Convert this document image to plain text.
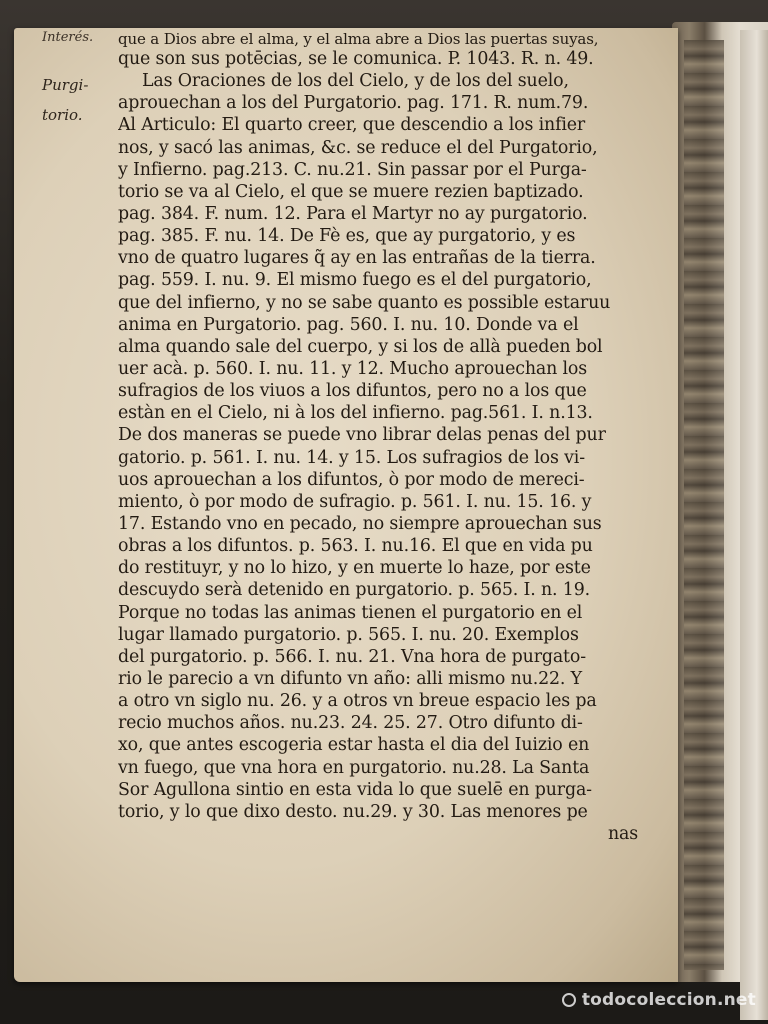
Interés.
Purgi-
torio.
que a Dios abre el alma, y el alma abre a Dios las puertas suyas,
que son sus potēcias, se le comunica. P. 1043. R. n. 49.
Las Oraciones de los del Cielo, y de los del suelo,
aprouechan a los del Purgatorio. pag. 171. R. num.79.
Al Articulo: El quarto creer, que descendio a los infier
nos, y sacó las animas, &c. se reduce el del Purgatorio,
y Infierno. pag.213. C. nu.21. Sin passar por el Purga-
torio se va al Cielo, el que se muere rezien baptizado.
pag. 384. F. num. 12. Para el Martyr no ay purgatorio.
pag. 385. F. nu. 14. De Fè es, que ay purgatorio, y es
vno de quatro lugares q̃ ay en las entrañas de la tierra.
pag. 559. I. nu. 9. El mismo fuego es el del purgatorio,
que del infierno, y no se sabe quanto es possible estaruu
anima en Purgatorio. pag. 560. I. nu. 10. Donde va el
alma quando sale del cuerpo, y si los de allà pueden bol
uer acà. p. 560. I. nu. 11. y 12. Mucho aprouechan los
sufragios de los viuos a los difuntos, pero no a los que
estàn en el Cielo, ni à los del infierno. pag.561. I. n.13.
De dos maneras se puede vno librar delas penas del pur
gatorio. p. 561. I. nu. 14. y 15. Los sufragios de los vi-
uos aprouechan a los difuntos, ò por modo de mereci-
miento, ò por modo de sufragio. p. 561. I. nu. 15. 16. y
17. Estando vno en pecado, no siempre aprouechan sus
obras a los difuntos. p. 563. I. nu.16. El que en vida pu
do restituyr, y no lo hizo, y en muerte lo haze, por este
descuydo serà detenido en purgatorio. p. 565. I. n. 19.
Porque no todas las animas tienen el purgatorio en el
lugar llamado purgatorio. p. 565. I. nu. 20. Exemplos
del purgatorio. p. 566. I. nu. 21. Vna hora de purgato-
rio le parecio a vn difunto vn año: alli mismo nu.22. Y
a otro vn siglo nu. 26. y a otros vn breue espacio les pa
recio muchos años. nu.23. 24. 25. 27. Otro difunto di-
xo, que antes escogeria estar hasta el dia del Iuizio en
vn fuego, que vna hora en purgatorio. nu.28. La Santa
Sor Agullona sintio en esta vida lo que suelē en purga-
torio, y lo que dixo desto. nu.29. y 30. Las menores pe
nas
todocoleccion.net
